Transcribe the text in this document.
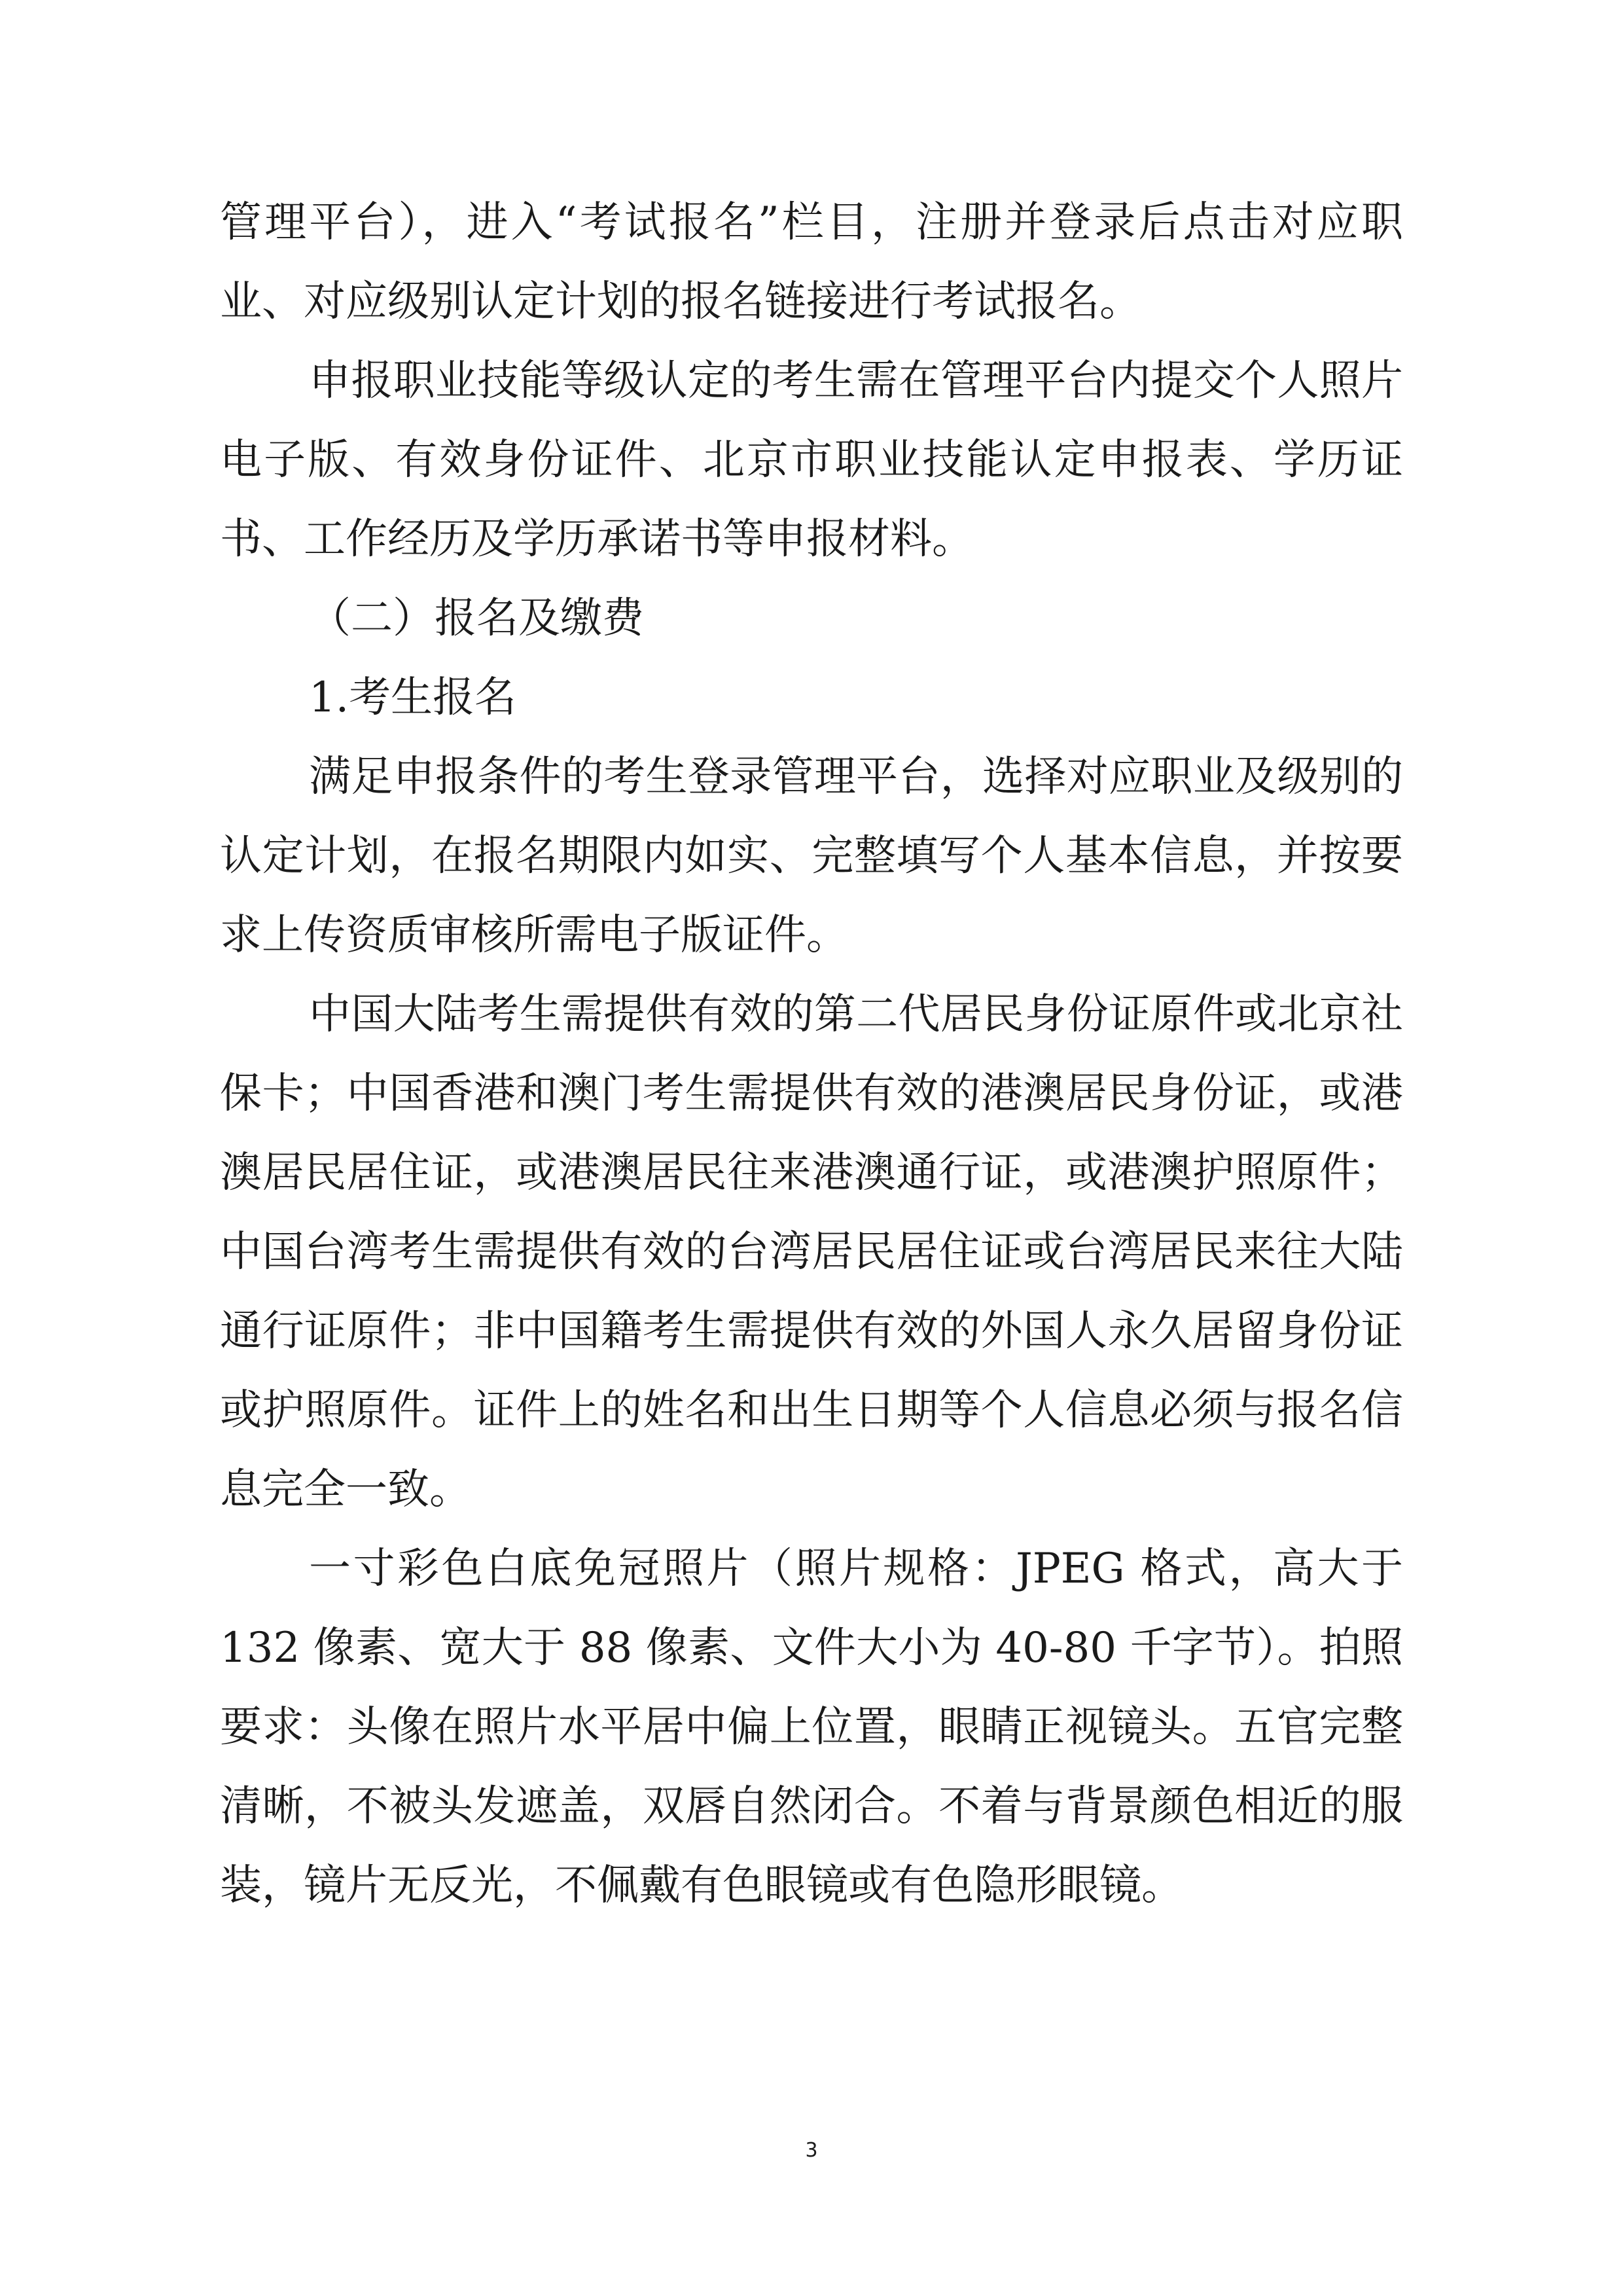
管理平台），进入“考试报名”栏目，注册并登录后点击对应职业、对应级别认定计划的报名链接进行考试报名。

申报职业技能等级认定的考生需在管理平台内提交个人照片电子版、有效身份证件、北京市职业技能认定申报表、学历证书、工作经历及学历承诺书等申报材料。

（二）报名及缴费

1.考生报名

满足申报条件的考生登录管理平台，选择对应职业及级别的认定计划，在报名期限内如实、完整填写个人基本信息，并按要求上传资质审核所需电子版证件。

中国大陆考生需提供有效的第二代居民身份证原件或北京社保卡；中国香港和澳门考生需提供有效的港澳居民身份证，或港澳居民居住证，或港澳居民往来港澳通行证，或港澳护照原件；中国台湾考生需提供有效的台湾居民居住证或台湾居民来往大陆通行证原件；非中国籍考生需提供有效的外国人永久居留身份证或护照原件。证件上的姓名和出生日期等个人信息必须与报名信息完全一致。

一寸彩色白底免冠照片（照片规格：JPEG 格式，高大于 132 像素、宽大于 88 像素、文件大小为 40-80 千字节）。拍照要求：头像在照片水平居中偏上位置，眼睛正视镜头。五官完整清晰，不被头发遮盖，双唇自然闭合。不着与背景颜色相近的服装，镜片无反光，不佩戴有色眼镜或有色隐形眼镜。

3
